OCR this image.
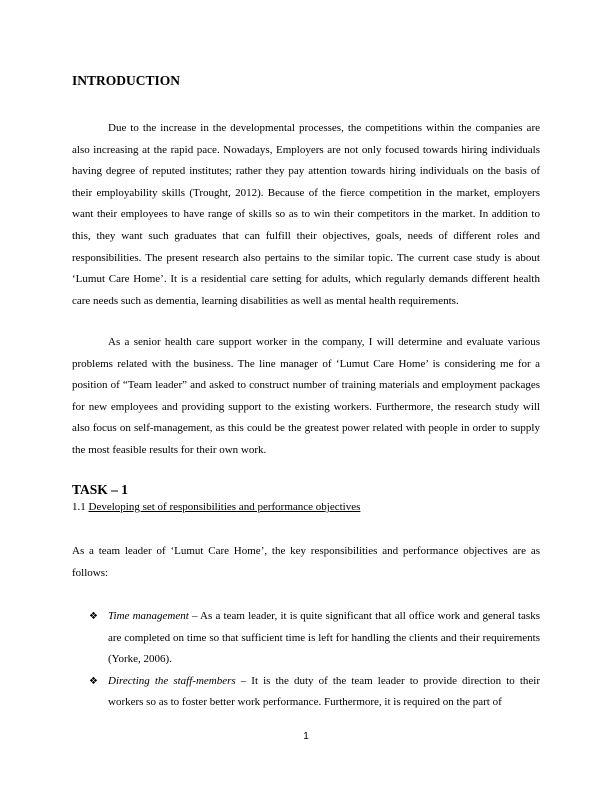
INTRODUCTION

Due to the increase in the developmental processes, the competitions within the companies are also increasing at the rapid pace. Nowadays, Employers are not only focused towards hiring individuals having degree of reputed institutes; rather they pay attention towards hiring individuals on the basis of their employability skills (Trought, 2012). Because of the fierce competition in the market, employers want their employees to have range of skills so as to win their competitors in the market. In addition to this, they want such graduates that can fulfill their objectives, goals, needs of different roles and responsibilities. The present research also pertains to the similar topic. The current case study is about ‘Lumut Care Home’. It is a residential care setting for adults, which regularly demands different health care needs such as dementia, learning disabilities as well as mental health requirements.

As a senior health care support worker in the company, I will determine and evaluate various problems related with the business. The line manager of ‘Lumut Care Home’ is considering me for a position of “Team leader” and asked to construct number of training materials and employment packages for new employees and providing support to the existing workers. Furthermore, the research study will also focus on self-management, as this could be the greatest power related with people in order to supply the most feasible results for their own work.

TASK – 1

1.1 Developing set of responsibilities and performance objectives

As a team leader of ‘Lumut Care Home’, the key responsibilities and performance objectives are as follows:

❖ Time management – As a team leader, it is quite significant that all office work and general tasks are completed on time so that sufficient time is left for handling the clients and their requirements (Yorke, 2006).
❖ Directing the staff-members – It is the duty of the team leader to provide direction to their workers so as to foster better work performance. Furthermore, it is required on the part of
1
